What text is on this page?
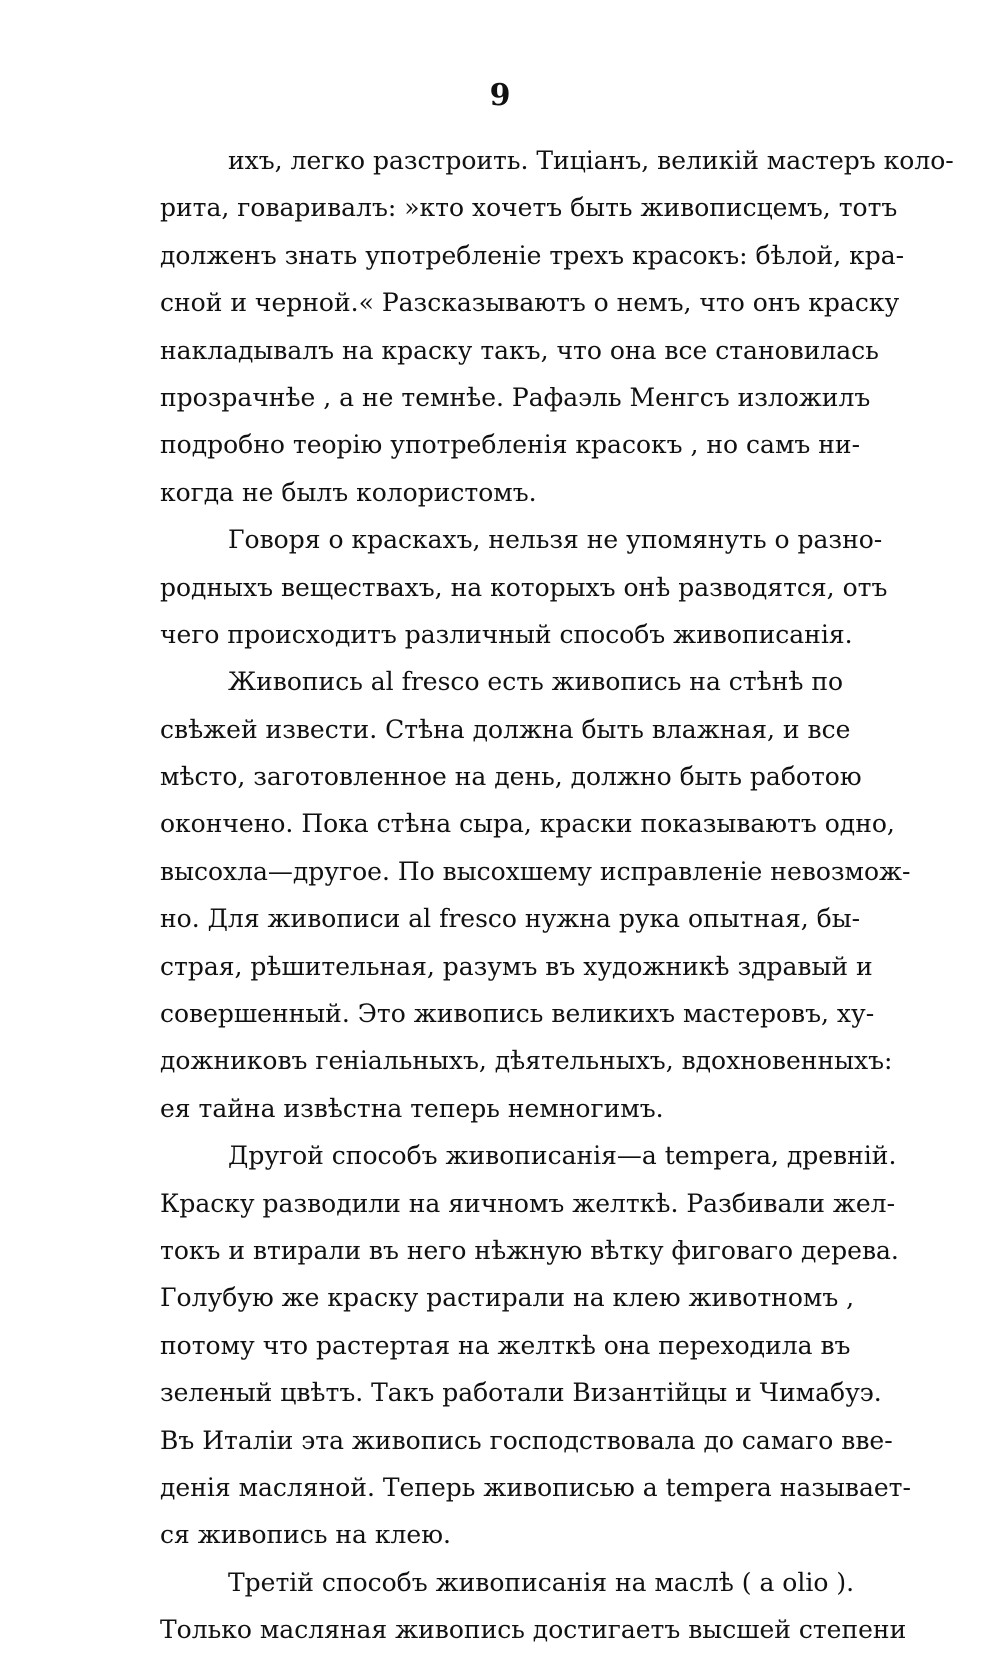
9
ихъ, легко разстроить. Тиціанъ, великій мастеръ коло-
рита, говаривалъ: »кто хочетъ быть живописцемъ, тотъ
долженъ знать употребленіе трехъ красокъ: бѣлой, кра-
сной и черной.« Разсказываютъ о немъ, что онъ краску
накладывалъ на краску такъ, что она все становилась
прозрачнѣе , а не темнѣе. Рафаэль Менгсъ изложилъ
подробно теорію употребленія красокъ , но самъ ни-
когда не былъ колористомъ.
Говоря о краскахъ, нельзя не упомянуть о разно-
родныхъ веществахъ, на которыхъ онѣ разводятся, отъ
чего происходитъ различный способъ живописанія.
Живопись al fresco есть живопись на стѣнѣ по
свѣжей извести. Стѣна должна быть влажная, и все
мѣсто, заготовленное на день, должно быть работою
окончено. Пока стѣна сыра, краски показываютъ одно,
высохла—другое. По высохшему исправленіе невозмож-
но. Для живописи al fresco нужна рука опытная, бы-
страя, рѣшительная, разумъ въ художникѣ здравый и
совершенный. Это живопись великихъ мастеровъ, ху-
дожниковъ геніальныхъ, дѣятельныхъ, вдохновенныхъ:
ея тайна извѣстна теперь немногимъ.
Другой способъ живописанія—а tempera, древній.
Краску разводили на яичномъ желткѣ. Разбивали жел-
токъ и втирали въ него нѣжную вѣтку фиговаго дерева.
Голубую же краску растирали на клею животномъ ,
потому что растертая на желткѣ она переходила въ
зеленый цвѣтъ. Такъ работали Византійцы и Чимабуэ.
Въ Италіи эта живопись господствовала до самаго вве-
денія масляной. Теперь живописью а tempera называет-
ся живопись на клею.
Третій способъ живописанія на маслѣ ( a olio ).
Только масляная живопись достигаетъ высшей степени
